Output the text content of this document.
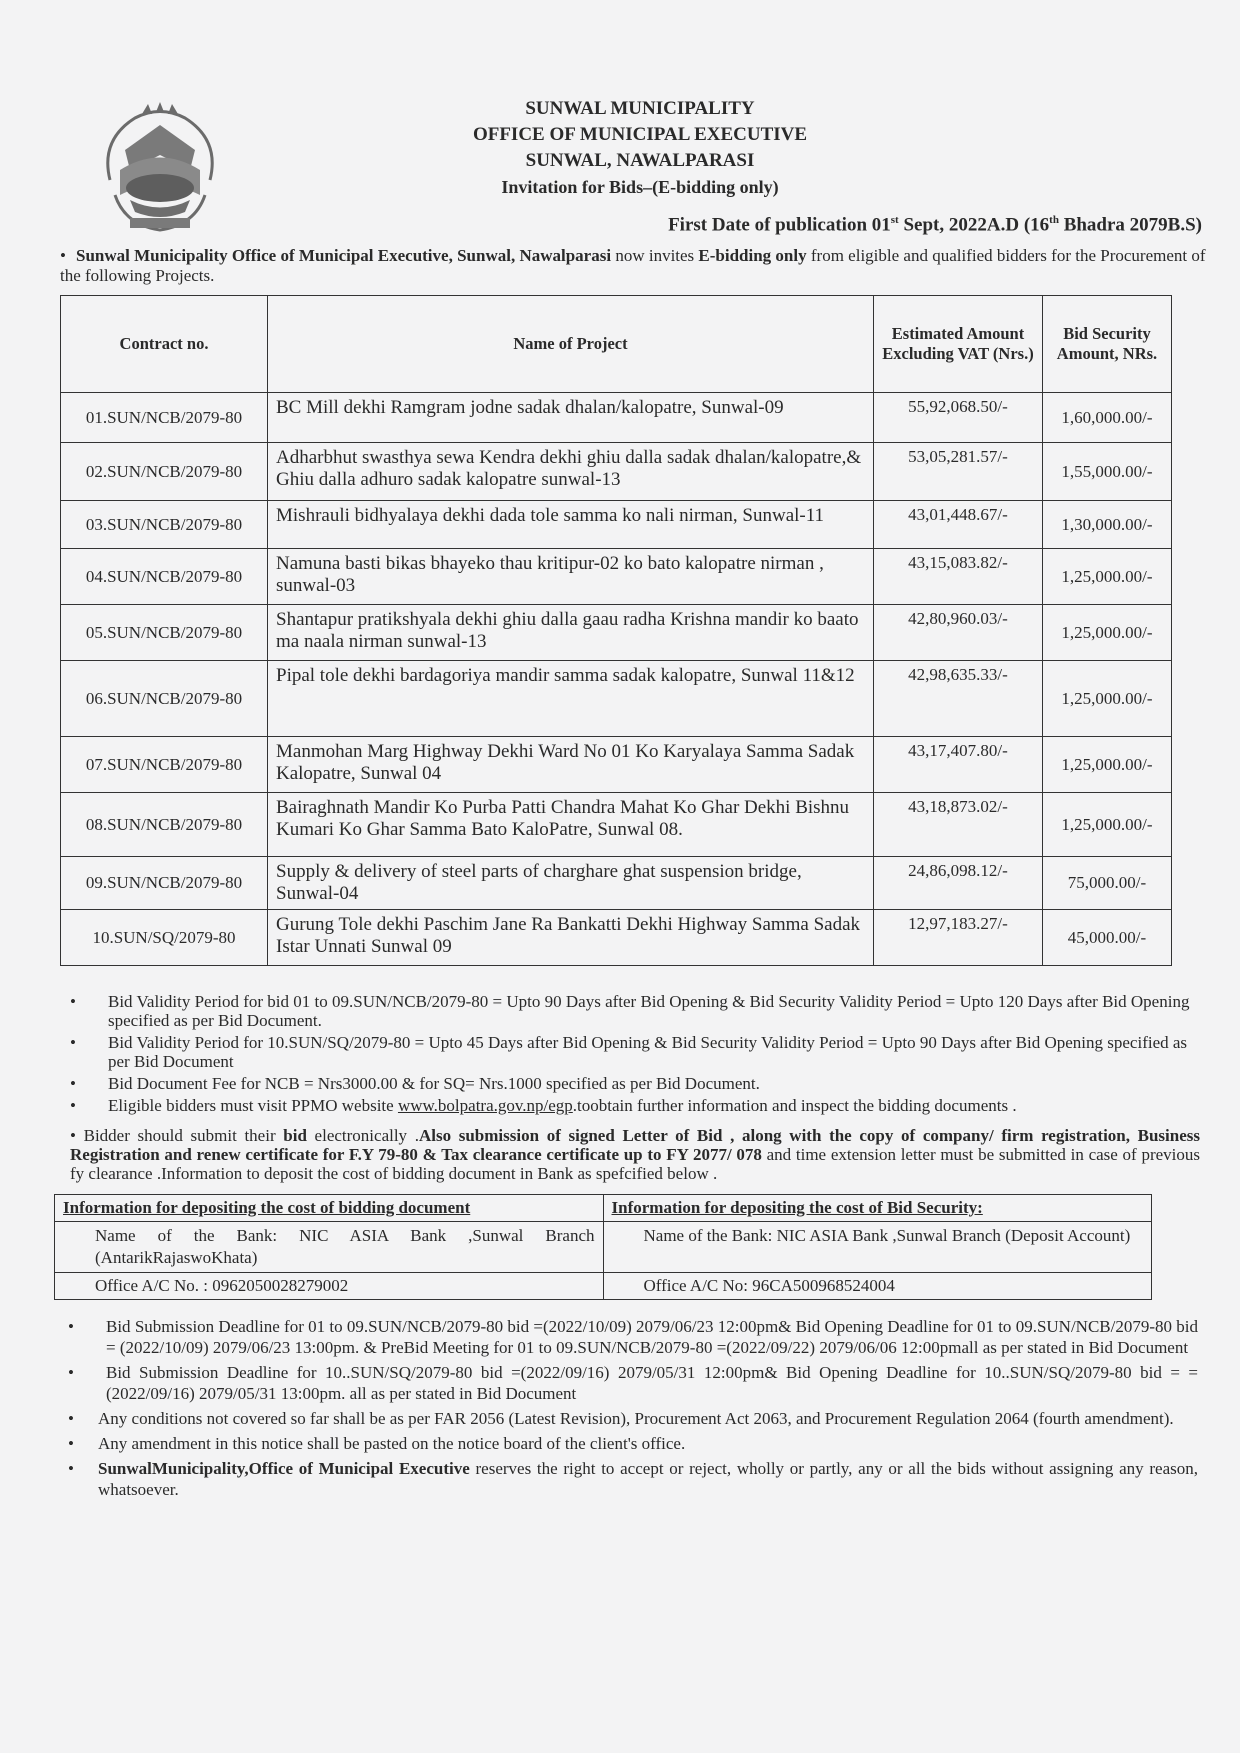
SUNWAL MUNICIPALITY
OFFICE OF MUNICIPAL EXECUTIVE
SUNWAL, NAWALPARASI
Invitation for Bids–(E-bidding only)
First Date of publication 01st Sept, 2022A.D (16th Bhadra 2079B.S)
• Sunwal Municipality Office of Municipal Executive, Sunwal, Nawalparasi now invites E-bidding only from eligible and qualified bidders for the Procurement of the following Projects.
Contract no.	Name of Project	Estimated Amount Excluding VAT (Nrs.)	Bid Security Amount, NRs.
01.SUN/NCB/2079-80	BC Mill dekhi Ramgram jodne sadak dhalan/kalopatre, Sunwal-09	55,92,068.50/-	1,60,000.00/-
02.SUN/NCB/2079-80	Adharbhut swasthya sewa Kendra dekhi ghiu dalla sadak dhalan/kalopatre,& Ghiu dalla adhuro sadak kalopatre sunwal-13	53,05,281.57/-	1,55,000.00/-
03.SUN/NCB/2079-80	Mishrauli bidhyalaya dekhi dada tole samma ko nali nirman, Sunwal-11	43,01,448.67/-	1,30,000.00/-
04.SUN/NCB/2079-80	Namuna basti bikas bhayeko thau kritipur-02 ko bato kalopatre nirman , sunwal-03	43,15,083.82/-	1,25,000.00/-
05.SUN/NCB/2079-80	Shantapur pratikshyala dekhi ghiu dalla gaau radha Krishna mandir ko baato ma naala nirman sunwal-13	42,80,960.03/-	1,25,000.00/-
06.SUN/NCB/2079-80	Pipal tole dekhi bardagoriya mandir samma sadak kalopatre, Sunwal 11&12	42,98,635.33/-	1,25,000.00/-
07.SUN/NCB/2079-80	Manmohan Marg Highway Dekhi Ward No 01 Ko Karyalaya Samma Sadak Kalopatre, Sunwal 04	43,17,407.80/-	1,25,000.00/-
08.SUN/NCB/2079-80	Bairaghnath Mandir Ko Purba Patti Chandra Mahat Ko Ghar Dekhi Bishnu Kumari Ko Ghar Samma Bato KaloPatre, Sunwal 08.	43,18,873.02/-	1,25,000.00/-
09.SUN/NCB/2079-80	Supply & delivery of steel parts of charghare ghat suspension bridge, Sunwal-04	24,86,098.12/-	75,000.00/-
10.SUN/SQ/2079-80	Gurung Tole dekhi Paschim Jane Ra Bankatti Dekhi Highway Samma Sadak Istar Unnati Sunwal 09	12,97,183.27/-	45,000.00/-
• Bid Validity Period for bid 01 to 09.SUN/NCB/2079-80 = Upto 90 Days after Bid Opening & Bid Security Validity Period = Upto 120 Days after Bid Opening specified as per Bid Document.
• Bid Validity Period for 10.SUN/SQ/2079-80 = Upto 45 Days after Bid Opening & Bid Security Validity Period = Upto 90 Days after Bid Opening specified as per Bid Document
• Bid Document Fee for NCB = Nrs3000.00 & for SQ= Nrs.1000 specified as per Bid Document.
• Eligible bidders must visit PPMO website www.bolpatra.gov.np/egp.toobtain further information and inspect the bidding documents .
• Bidder should submit their bid electronically .Also submission of signed Letter of Bid , along with the copy of company/ firm registration, Business Registration and renew certificate for F.Y 79-80 & Tax clearance certificate up to FY 2077/ 078 and time extension letter must be submitted in case of previous fy clearance .Information to deposit the cost of bidding document in Bank as spefcified below .
Information for depositing the cost of bidding document	Information for depositing the cost of Bid Security:
Name of the Bank: NIC ASIA Bank ,Sunwal Branch (AntarikRajaswoKhata)	Name of the Bank: NIC ASIA Bank ,Sunwal Branch (Deposit Account)
Office A/C No. : 0962050028279002	Office A/C No: 96CA500968524004
• Bid Submission Deadline for 01 to 09.SUN/NCB/2079-80 bid =(2022/10/09) 2079/06/23 12:00pm& Bid Opening Deadline for 01 to 09.SUN/NCB/2079-80 bid = (2022/10/09) 2079/06/23 13:00pm. & PreBid Meeting for 01 to 09.SUN/NCB/2079-80 =(2022/09/22) 2079/06/06 12:00pmall as per stated in Bid Document
• Bid Submission Deadline for 10..SUN/SQ/2079-80 bid =(2022/09/16) 2079/05/31 12:00pm& Bid Opening Deadline for 10..SUN/SQ/2079-80 bid = =(2022/09/16) 2079/05/31 13:00pm. all as per stated in Bid Document
• Any conditions not covered so far shall be as per FAR 2056 (Latest Revision), Procurement Act 2063, and Procurement Regulation 2064 (fourth amendment).
• Any amendment in this notice shall be pasted on the notice board of the client's office.
• SunwalMunicipality,Office of Municipal Executive reserves the right to accept or reject, wholly or partly, any or all the bids without assigning any reason, whatsoever.
